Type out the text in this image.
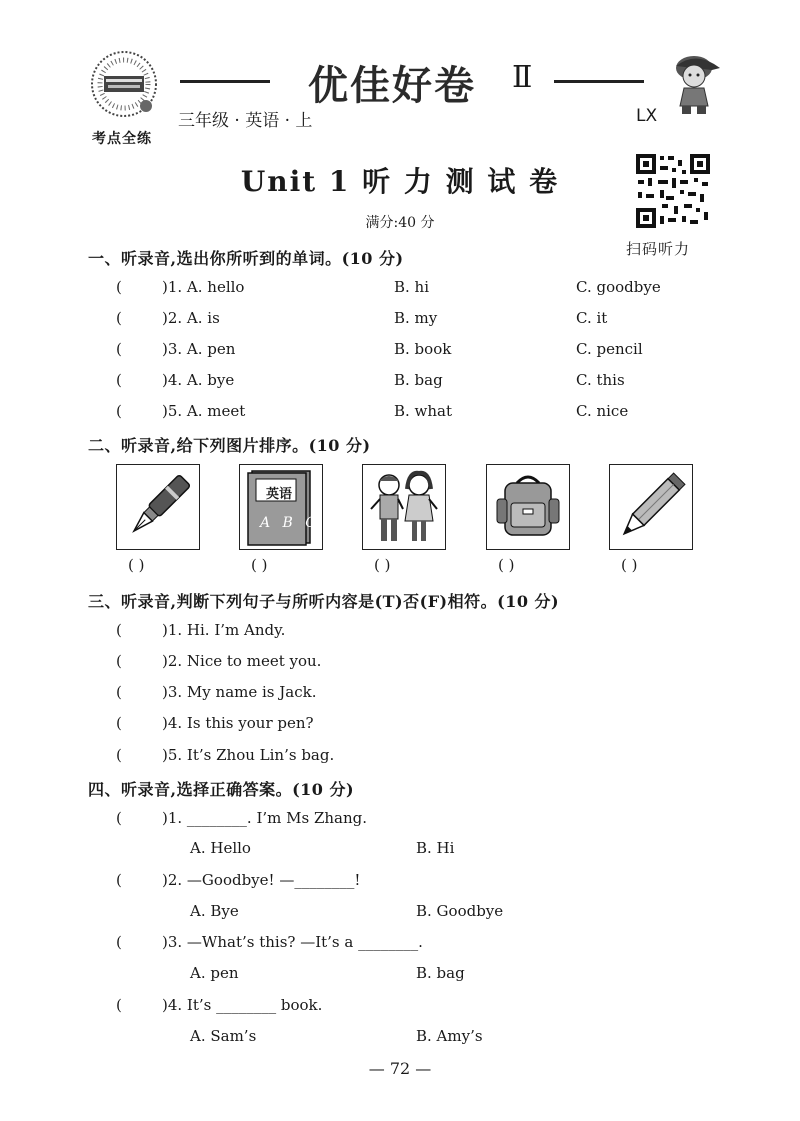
考点全练
优佳好卷 Ⅱ
三年级 · 英语 · 上	LX
Unit 1 听 力 测 试 卷
满分:40 分
扫码听力
一、听录音,选出你所听到的单词。(10 分)
(	)1. A. hello	B. hi	C. goodbye
(	)2. A. is	B. my	C. it
(	)3. A. pen	B. book	C. pencil
(	)4. A. bye	B. bag	C. this
(	)5. A. meet	B. what	C. nice
二、听录音,给下列图片排序。(10 分)
英语
A B C
( )	( )	( )	( )	( )
三、听录音,判断下列句子与所听内容是(T)否(F)相符。(10 分)
(	)1. Hi. I’m Andy.
(	)2. Nice to meet you.
(	)3. My name is Jack.
(	)4. Is this your pen?
(	)5. It’s Zhou Lin’s bag.
四、听录音,选择正确答案。(10 分)
(	)1. ________. I’m Ms Zhang.
A. Hello	B. Hi
(	)2. —Goodbye! —________!
A. Bye	B. Goodbye
(	)3. —What’s this? —It’s a ________.
A. pen	B. bag
(	)4. It’s ________ book.
A. Sam’s	B. Amy’s
— 72 —
